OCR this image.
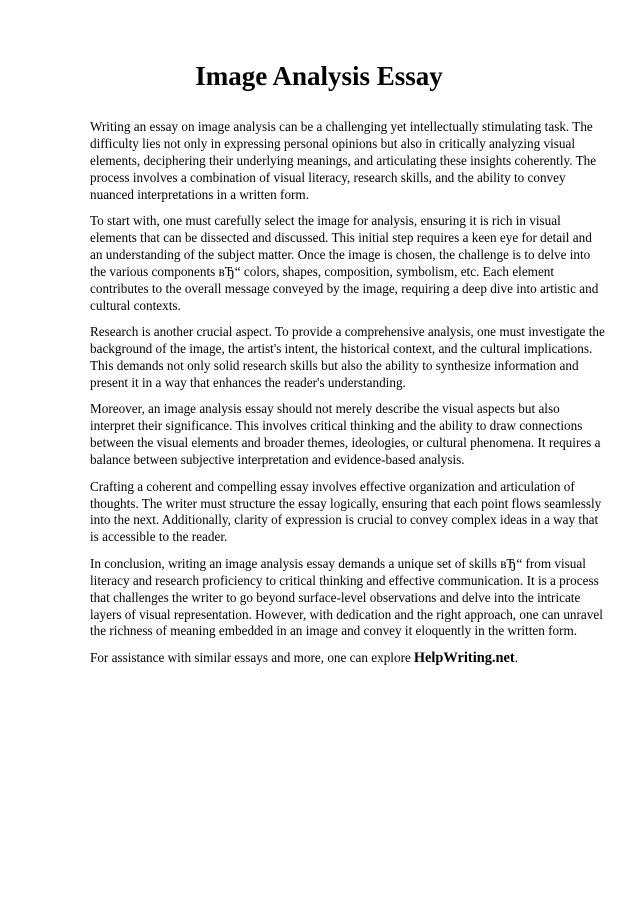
Image Analysis Essay

Writing an essay on image analysis can be a challenging yet intellectually stimulating task. The
difficulty lies not only in expressing personal opinions but also in critically analyzing visual
elements, deciphering their underlying meanings, and articulating these insights coherently. The
process involves a combination of visual literacy, research skills, and the ability to convey
nuanced interpretations in a written form.

To start with, one must carefully select the image for analysis, ensuring it is rich in visual
elements that can be dissected and discussed. This initial step requires a keen eye for detail and
an understanding of the subject matter. Once the image is chosen, the challenge is to delve into
the various components вЂ“ colors, shapes, composition, symbolism, etc. Each element
contributes to the overall message conveyed by the image, requiring a deep dive into artistic and
cultural contexts.

Research is another crucial aspect. To provide a comprehensive analysis, one must investigate the
background of the image, the artist's intent, the historical context, and the cultural implications.
This demands not only solid research skills but also the ability to synthesize information and
present it in a way that enhances the reader's understanding.

Moreover, an image analysis essay should not merely describe the visual aspects but also
interpret their significance. This involves critical thinking and the ability to draw connections
between the visual elements and broader themes, ideologies, or cultural phenomena. It requires a
balance between subjective interpretation and evidence-based analysis.

Crafting a coherent and compelling essay involves effective organization and articulation of
thoughts. The writer must structure the essay logically, ensuring that each point flows seamlessly
into the next. Additionally, clarity of expression is crucial to convey complex ideas in a way that
is accessible to the reader.

In conclusion, writing an image analysis essay demands a unique set of skills вЂ“ from visual
literacy and research proficiency to critical thinking and effective communication. It is a process
that challenges the writer to go beyond surface-level observations and delve into the intricate
layers of visual representation. However, with dedication and the right approach, one can unravel
the richness of meaning embedded in an image and convey it eloquently in the written form.

For assistance with similar essays and more, one can explore HelpWriting.net.
